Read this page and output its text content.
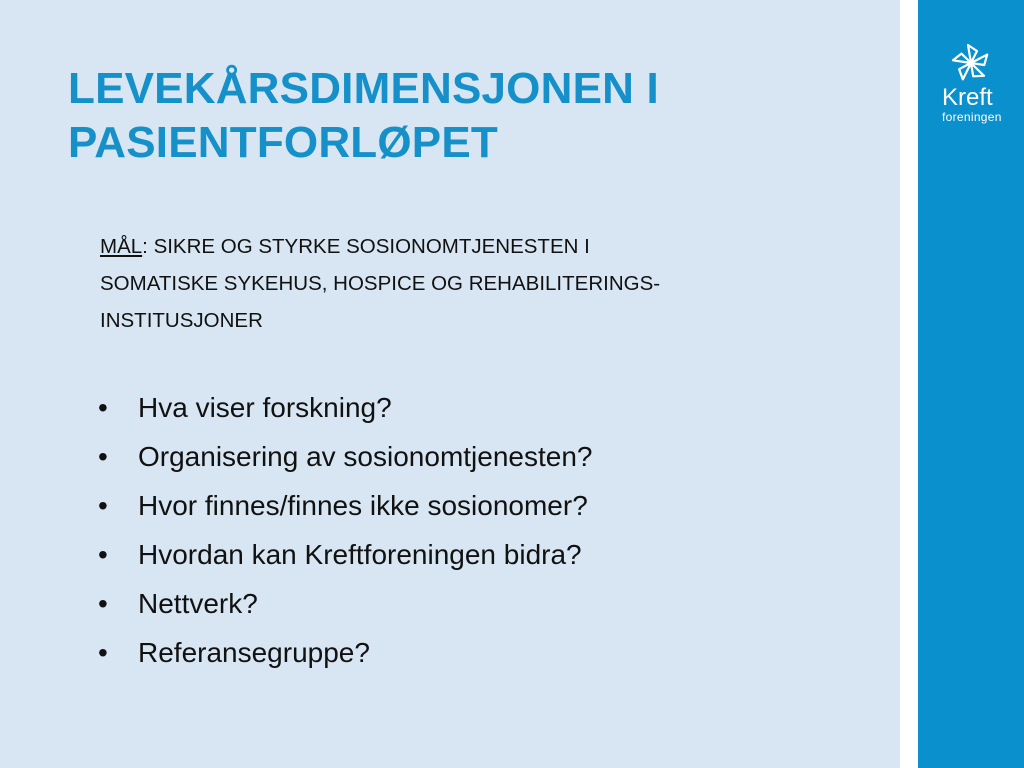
LEVEKÅRSDIMENSJONEN I
PASIENTFORLØPET

MÅL: SIKRE OG STYRKE SOSIONOMTJENESTEN I
SOMATISKE SYKEHUS, HOSPICE OG REHABILITERINGS-
INSTITUSJONER

• Hva viser forskning?
• Organisering av sosionomtjenesten?
• Hvor finnes/finnes ikke sosionomer?
• Hvordan kan Kreftforeningen bidra?
• Nettverk?
• Referansegruppe?
Kreft
foreningen
